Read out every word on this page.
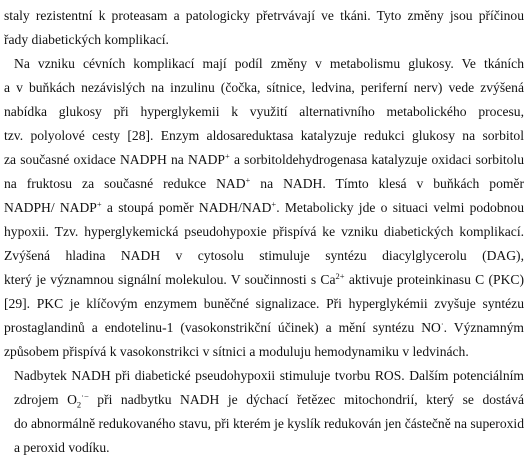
staly rezistentní k proteasam a patologicky přetrvávají ve tkáni. Tyto změny jsou příčinou
řady diabetických komplikací.
Na vzniku cévních komplikací mají podíl změny v metabolismu glukosy. Ve tkáních
a v buňkách nezávislých na inzulinu (čočka, sítnice, ledvina, periferní nerv) vede zvýšená
nabídka glukosy při hyperglykemii k využití alternativního metabolického procesu,
tzv. polyolové cesty [28]. Enzym aldosareduktasa katalyzuje redukci glukosy na sorbitol
za současné oxidace NADPH na NADP+ a sorbitoldehydrogenasa katalyzuje oxidaci sorbitolu
na fruktosu za současné redukce NAD+ na NADH. Tímto klesá v buňkách poměr
NADPH/ NADP+ a stoupá poměr NADH/NAD+. Metabolicky jde o situaci velmi podobnou
hypoxii. Tzv. hyperglykemická pseudohypoxie přispívá ke vzniku diabetických komplikací.
Zvýšená hladina NADH v cytosolu stimuluje syntézu diacylglycerolu (DAG),
který je významnou signální molekulou. V součinnosti s $Ca^{2+}$ aktivuje proteinkinasu C (PKC)
[29]. PKC je klíčovým enzymem buněčné signalizace. Při hyperglykémii zvyšuje syntézu
prostaglandinů a endotelinu-1 (vasokonstrikční účinek) a mění syntézu NO·. Významným
způsobem přispívá k vasokonstrikci v sítnici a moduluju hemodynamiku v ledvinách.
Nadbytek NADH při diabetické pseudohypoxii stimuluje tvorbu ROS. Dalším potenciálním
zdrojem $O_2^{\cdot-}$ při nadbytku NADH je dýchací řetězec mitochondrií, který se dostává
do abnormálně redukovaného stavu, při kterém je kyslík redukován jen částečně na superoxid
a peroxid vodíku.
